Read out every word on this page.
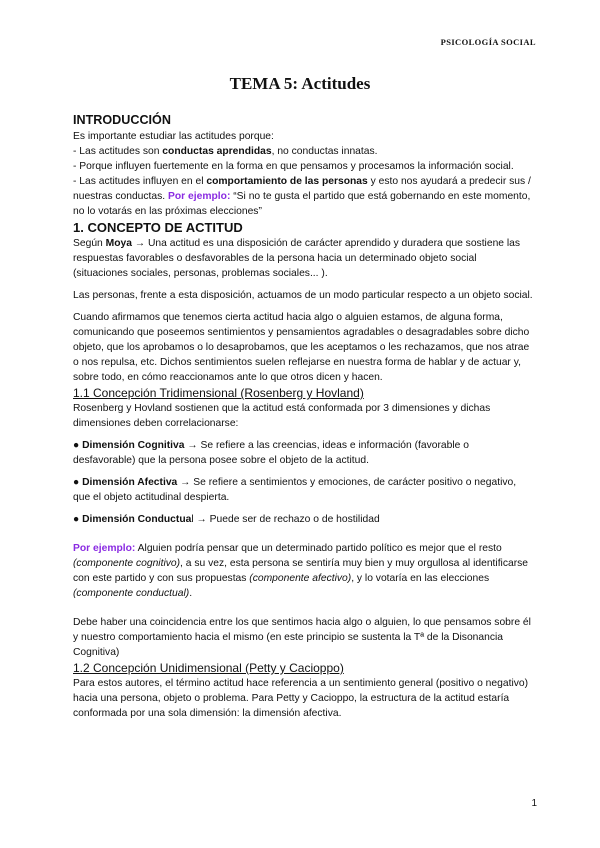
PSICOLOGÍA SOCIAL
TEMA 5: Actitudes

INTRODUCCIÓN

Es importante estudiar las actitudes porque:

- Las actitudes son conductas aprendidas, no conductas innatas.

- Porque influyen fuertemente en la forma en que pensamos y procesamos la información social.

- Las actitudes influyen en el comportamiento de las personas y esto nos ayudará a predecir sus / nuestras conductas. Por ejemplo: “Si no te gusta el partido que está gobernando en este momento, no lo votarás en las próximas elecciones”

1. CONCEPTO DE ACTITUD

Según Moya → Una actitud es una disposición de carácter aprendido y duradera que sostiene las respuestas favorables o desfavorables de la persona hacia un determinado objeto social (situaciones sociales, personas, problemas sociales... ).

Las personas, frente a esta disposición, actuamos de un modo particular respecto a un objeto social.

Cuando afirmamos que tenemos cierta actitud hacia algo o alguien estamos, de alguna forma, comunicando que poseemos sentimientos y pensamientos agradables o desagradables sobre dicho objeto, que los aprobamos o lo desaprobamos, que les aceptamos o les rechazamos, que nos atrae o nos repulsa, etc. Dichos sentimientos suelen reflejarse en nuestra forma de hablar y de actuar y, sobre todo, en cómo reaccionamos ante lo que otros dicen y hacen.

1.1 Concepción Tridimensional (Rosenberg y Hovland)

Rosenberg y Hovland sostienen que la actitud está conformada por 3 dimensiones y dichas dimensiones deben correlacionarse:

● Dimensión Cognitiva → Se refiere a las creencias, ideas e información (favorable o desfavorable) que la persona posee sobre el objeto de la actitud.

● Dimensión Afectiva → Se refiere a sentimientos y emociones, de carácter positivo o negativo, que el objeto actitudinal despierta.

● Dimensión Conductual → Puede ser de rechazo o de hostilidad

Por ejemplo: Alguien podría pensar que un determinado partido político es mejor que el resto (componente cognitivo), a su vez, esta persona se sentiría muy bien y muy orgullosa al identificarse con este partido y con sus propuestas (componente afectivo), y lo votaría en las elecciones (componente conductual).

Debe haber una coincidencia entre los que sentimos hacia algo o alguien, lo que pensamos sobre él y nuestro comportamiento hacia el mismo (en este principio se sustenta la Tª de la Disonancia Cognitiva)

1.2 Concepción Unidimensional (Petty y Cacioppo)

Para estos autores, el término actitud hace referencia a un sentimiento general (positivo o negativo) hacia una persona, objeto o problema. Para Petty y Cacioppo, la estructura de la actitud estaría conformada por una sola dimensión: la dimensión afectiva.

1
